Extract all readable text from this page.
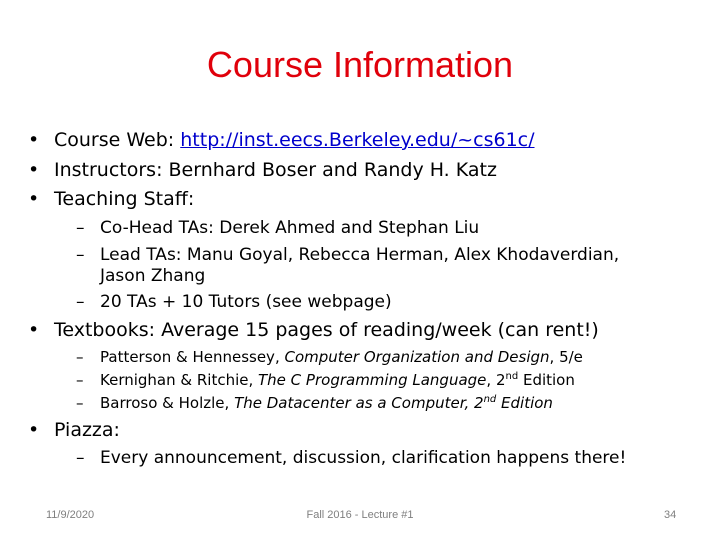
Course Information
• Course Web: http://inst.eecs.Berkeley.edu/~cs61c/
• Instructors: Bernhard Boser and Randy H. Katz
• Teaching Staff:
– Co-Head TAs: Derek Ahmed and Stephan Liu
– Lead TAs: Manu Goyal, Rebecca Herman, Alex Khodaverdian, Jason Zhang
– 20 TAs + 10 Tutors (see webpage)
• Textbooks: Average 15 pages of reading/week (can rent!)
– Patterson & Hennessey, Computer Organization and Design, 5/e
– Kernighan & Ritchie, The C Programming Language, 2nd Edition
– Barroso & Holzle, The Datacenter as a Computer, 2nd Edition
• Piazza:
– Every announcement, discussion, clarification happens there!
11/9/2020	Fall 2016 - Lecture #1	34
